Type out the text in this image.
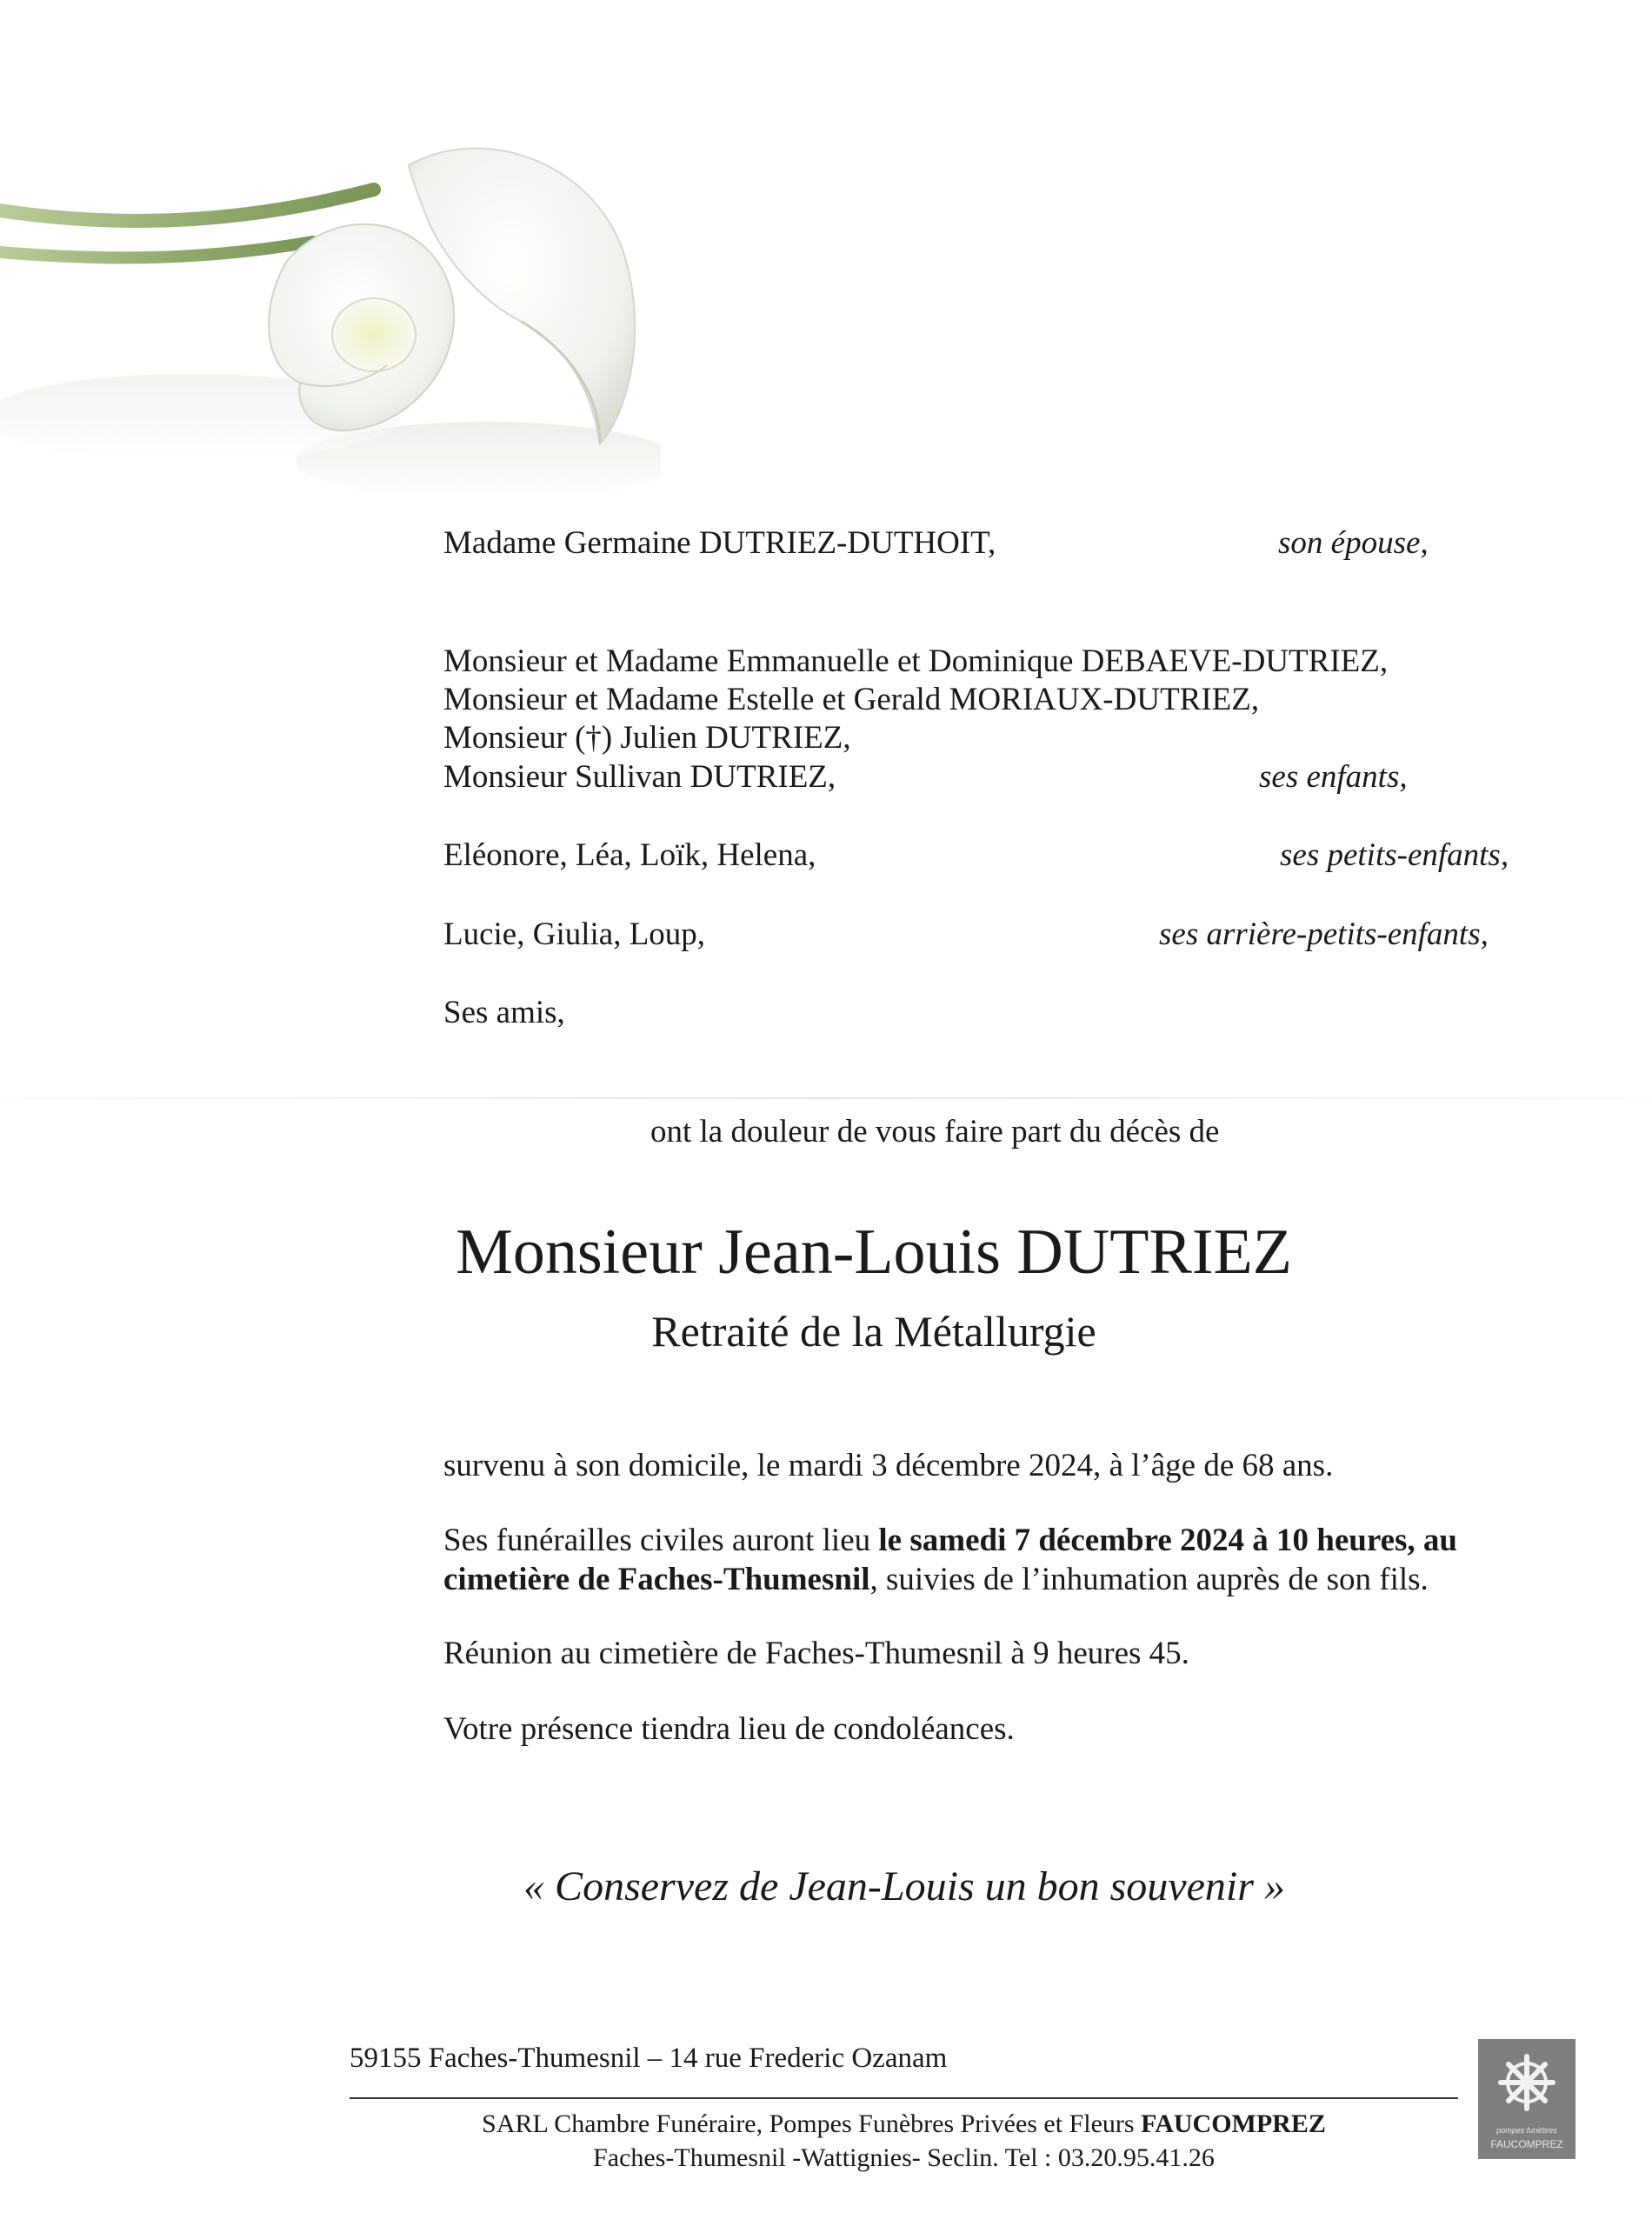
Madame Germaine DUTRIEZ-DUTHOIT,	son épouse,
Monsieur et Madame Emmanuelle et Dominique DEBAEVE-DUTRIEZ,
Monsieur et Madame Estelle et Gerald MORIAUX-DUTRIEZ,
Monsieur (†) Julien DUTRIEZ,
Monsieur Sullivan DUTRIEZ,	ses enfants,
Eléonore, Léa, Loïk, Helena,	ses petits-enfants,
Lucie, Giulia, Loup,	ses arrière-petits-enfants,
Ses amis,
ont la douleur de vous faire part du décès de
Monsieur Jean-Louis DUTRIEZ
Retraité de la Métallurgie
survenu à son domicile, le mardi 3 décembre 2024, à l’âge de 68 ans.
Ses funérailles civiles auront lieu le samedi 7 décembre 2024 à 10 heures, au
cimetière de Faches-Thumesnil, suivies de l’inhumation auprès de son fils.
Réunion au cimetière de Faches-Thumesnil à 9 heures 45.
Votre présence tiendra lieu de condoléances.
« Conservez de Jean-Louis un bon souvenir »
59155 Faches-Thumesnil – 14 rue Frederic Ozanam
SARL Chambre Funéraire, Pompes Funèbres Privées et Fleurs FAUCOMPREZ
Faches-Thumesnil -Wattignies- Seclin. Tel : 03.20.95.41.26
pompes funèbres
FAUCOMPREZ
